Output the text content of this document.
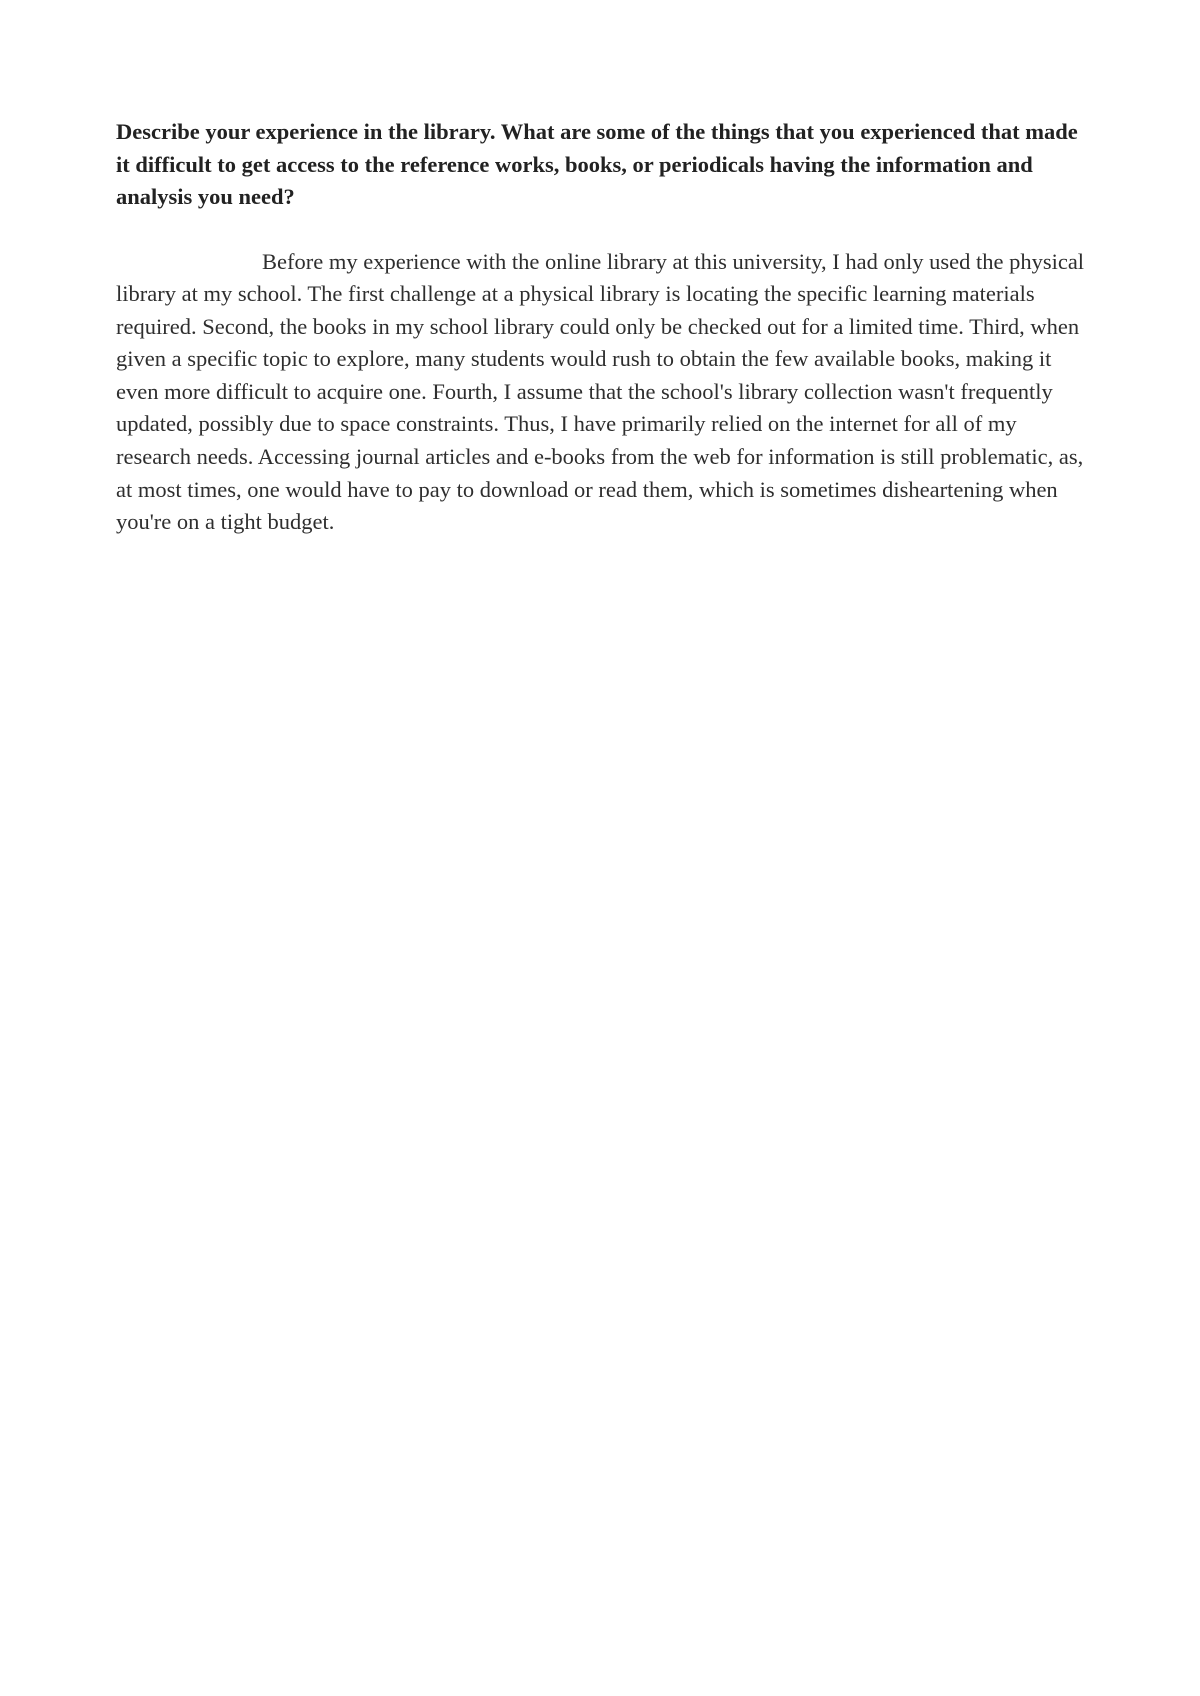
Describe your experience in the library. What are some of the things that you experienced that made it difficult to get access to the reference works, books, or periodicals having the information and analysis you need?

Before my experience with the online library at this university, I had only used the physical library at my school. The first challenge at a physical library is locating the specific learning materials required. Second, the books in my school library could only be checked out for a limited time. Third, when given a specific topic to explore, many students would rush to obtain the few available books, making it even more difficult to acquire one. Fourth, I assume that the school's library collection wasn't frequently updated, possibly due to space constraints. Thus, I have primarily relied on the internet for all of my research needs. Accessing journal articles and e-books from the web for information is still problematic, as, at most times, one would have to pay to download or read them, which is sometimes disheartening when you're on a tight budget.
